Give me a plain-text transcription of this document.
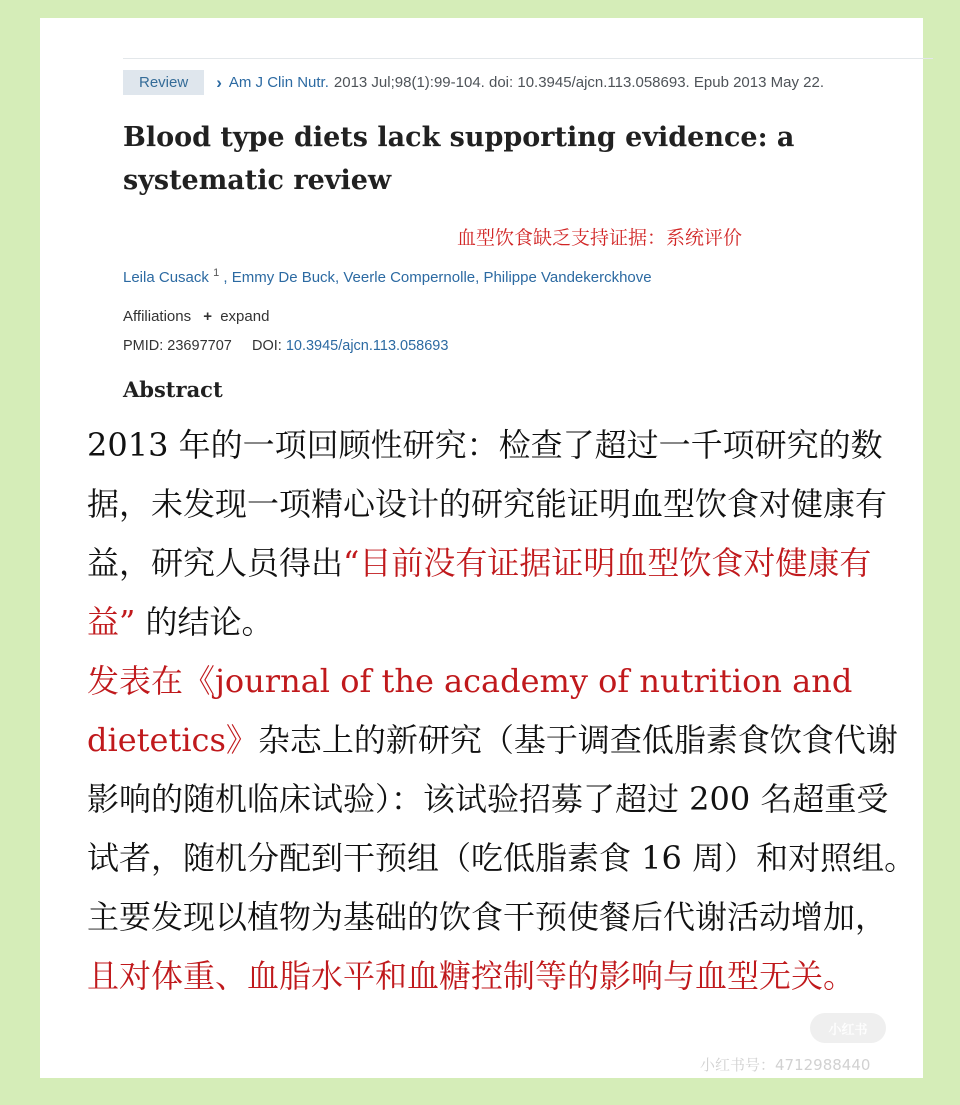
Review	› Am J Clin Nutr. 2013 Jul;98(1):99-104. doi: 10.3945/ajcn.113.058693. Epub 2013 May 22.
Blood type diets lack supporting evidence: a systematic review
血型饮食缺乏支持证据：系统评价
Leila Cusack $^1$ , Emmy De Buck, Veerle Compernolle, Philippe Vandekerckhove
Affiliations + expand
PMID: 23697707 DOI: 10.3945/ajcn.113.058693
Abstract

2013 年的一项回顾性研究：检查了超过一千项研究的数据，未发现一项精心设计的研究能证明血型饮食对健康有益，研究人员得出“目前没有证据证明血型饮食对健康有益” 的结论。
发表在《journal of the academy of nutrition and dietetics》杂志上的新研究（基于调查低脂素食饮食代谢影响的随机临床试验）：该试验招募了超过 200 名超重受试者，随机分配到干预组（吃低脂素食 16 周）和对照组。主要发现以植物为基础的饮食干预使餐后代谢活动增加，且对体重、血脂水平和血糖控制等的影响与血型无关。

小红书
小红书号：4712988440
